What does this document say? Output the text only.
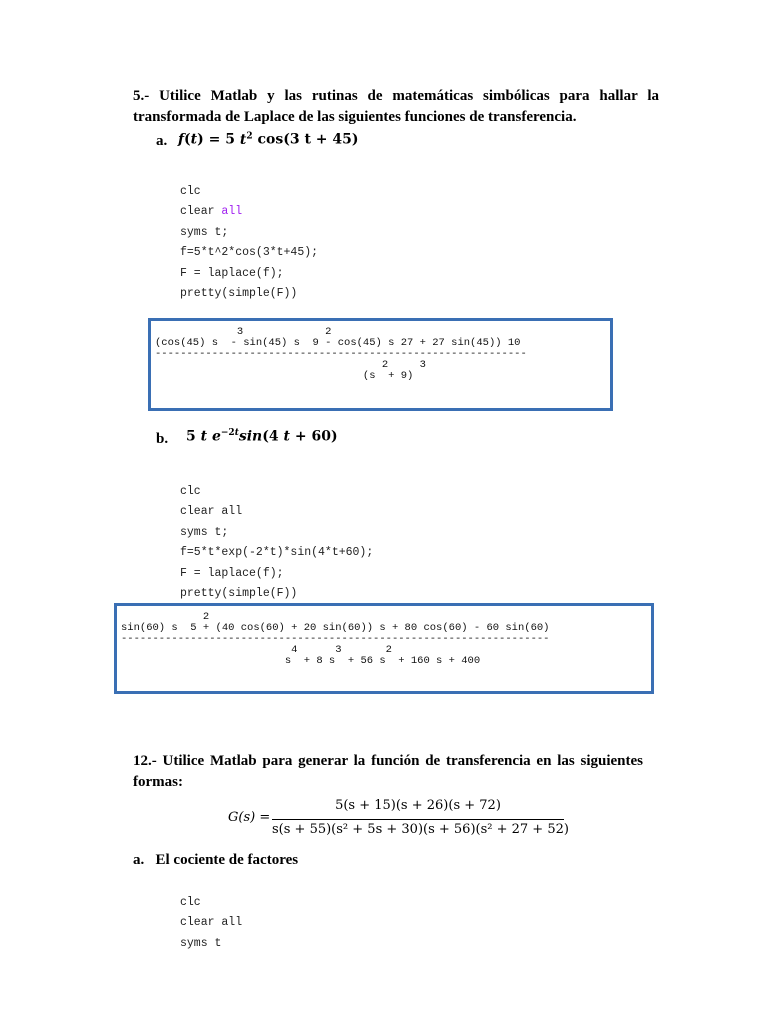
5.- Utilice Matlab y las rutinas de matemáticas simbólicas para hallar la transformada de Laplace de las siguientes funciones de transferencia.
a. f(t) = 5 $t^2$ cos(3 t + 45)

clc
clear all
syms t;
f=5*t^2*cos(3*t+45);
F = laplace(f);
pretty(simple(F))

3             2
(cos(45) s  - sin(45) s  9 - cos(45) s 27 + 27 sin(45)) 10
-----------------------------------------------------------
2     3
(s  + 9)
b. 5 t $e^{-2t}\sin(4$ t + 60)

clc
clear all
syms t;
f=5*t*exp(-2*t)*sin(4*t+60);
F = laplace(f);
pretty(simple(F))

2
sin(60) s  5 + (40 cos(60) + 20 sin(60)) s + 80 cos(60) - 60 sin(60)
--------------------------------------------------------------------
4      3       2
s  + 8 s  + 56 s  + 160 s + 400
12.- Utilice Matlab para generar la función de transferencia en las siguientes formas:
G(s) =
5(s + 15)(s + 26)(s + 72)
s(s + 55)(s² + 5s + 30)(s + 56)(s² + 27 + 52)
a.   El cociente de factores

clc
clear all
syms t
